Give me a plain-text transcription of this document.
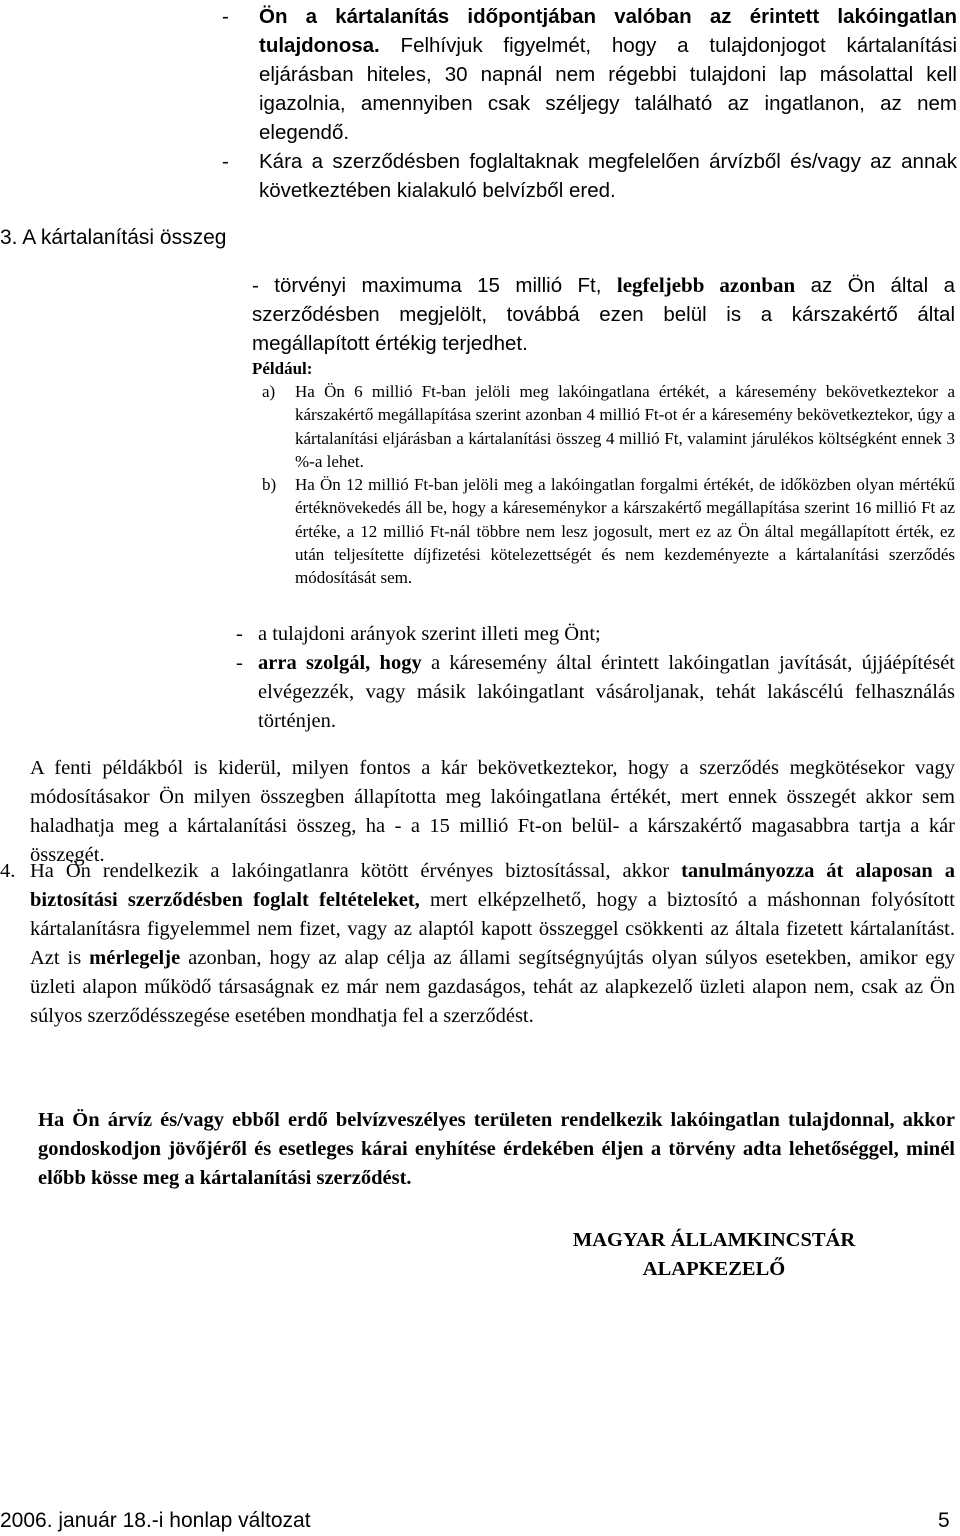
-	Ön a kártalanítás időpontjában valóban az érintett lakóingatlan tulajdonosa. Felhívjuk figyelmét, hogy a tulajdonjogot kártalanítási eljárásban hiteles, 30 napnál nem régebbi tulajdoni lap másolattal kell igazolnia, amennyiben csak széljegy található az ingatlanon, az nem elegendő.
-	Kára a szerződésben foglaltaknak megfelelően árvízből és/vagy az annak következtében kialakuló belvízből ered.
3. A kártalanítási összeg
- törvényi maximuma 15 millió Ft, legfeljebb azonban az Ön által a szerződésben megjelölt, továbbá ezen belül is a kárszakértő által megállapított értékig terjedhet.
Például:
a)	Ha Ön 6 millió Ft-ban jelöli meg lakóingatlana értékét, a káresemény bekövetkeztekor a kárszakértő megállapítása szerint azonban 4 millió Ft-ot ér a káresemény bekövetkeztekor, úgy a kártalanítási eljárásban a kártalanítási összeg 4 millió Ft, valamint járulékos költségként ennek 3 %-a lehet.
b)	Ha Ön 12 millió Ft-ban jelöli meg a lakóingatlan forgalmi értékét, de időközben olyan mértékű értéknövekedés áll be, hogy a káreseménykor a kárszakértő megállapítása szerint 16 millió Ft az értéke, a 12 millió Ft-nál többre nem lesz jogosult, mert ez az Ön által megállapított érték, ez után teljesítette díjfizetési kötelezettségét és nem kezdeményezte a kártalanítási szerződés módosítását sem.
- a tulajdoni arányok szerint illeti meg Önt;
- arra szolgál, hogy a káresemény által érintett lakóingatlan javítását, újjáépítését elvégezzék, vagy másik lakóingatlant vásároljanak, tehát lakáscélú felhasználás történjen.
A fenti példákból is kiderül, milyen fontos a kár bekövetkeztekor, hogy a szerződés megkötésekor vagy módosításakor Ön milyen összegben állapította meg lakóingatlana értékét, mert ennek összegét akkor sem haladhatja meg a kártalanítási összeg, ha - a 15 millió Ft-on belül- a kárszakértő magasabbra tartja a kár összegét.
4. Ha Ön rendelkezik a lakóingatlanra kötött érvényes biztosítással, akkor tanulmányozza át alaposan a biztosítási szerződésben foglalt feltételeket, mert elképzelhető, hogy a biztosító a máshonnan folyósított kártalanításra figyelemmel nem fizet, vagy az alaptól kapott összeggel csökkenti az általa fizetett kártalanítást. Azt is mérlegelje azonban, hogy az alap célja az állami segítségnyújtás olyan súlyos esetekben, amikor egy üzleti alapon működő társaságnak ez már nem gazdaságos, tehát az alapkezelő üzleti alapon nem, csak az Ön súlyos szerződésszegése esetében mondhatja fel a szerződést.
Ha Ön árvíz és/vagy ebből erdő belvízveszélyes területen rendelkezik lakóingatlan tulajdonnal, akkor gondoskodjon jövőjéről és esetleges kárai enyhítése érdekében éljen a törvény adta lehetőséggel, minél előbb kösse meg a kártalanítási szerződést.
MAGYAR ÁLLAMKINCSTÁR
ALAPKEZELŐ
2006. január 18.-i honlap változat	5
